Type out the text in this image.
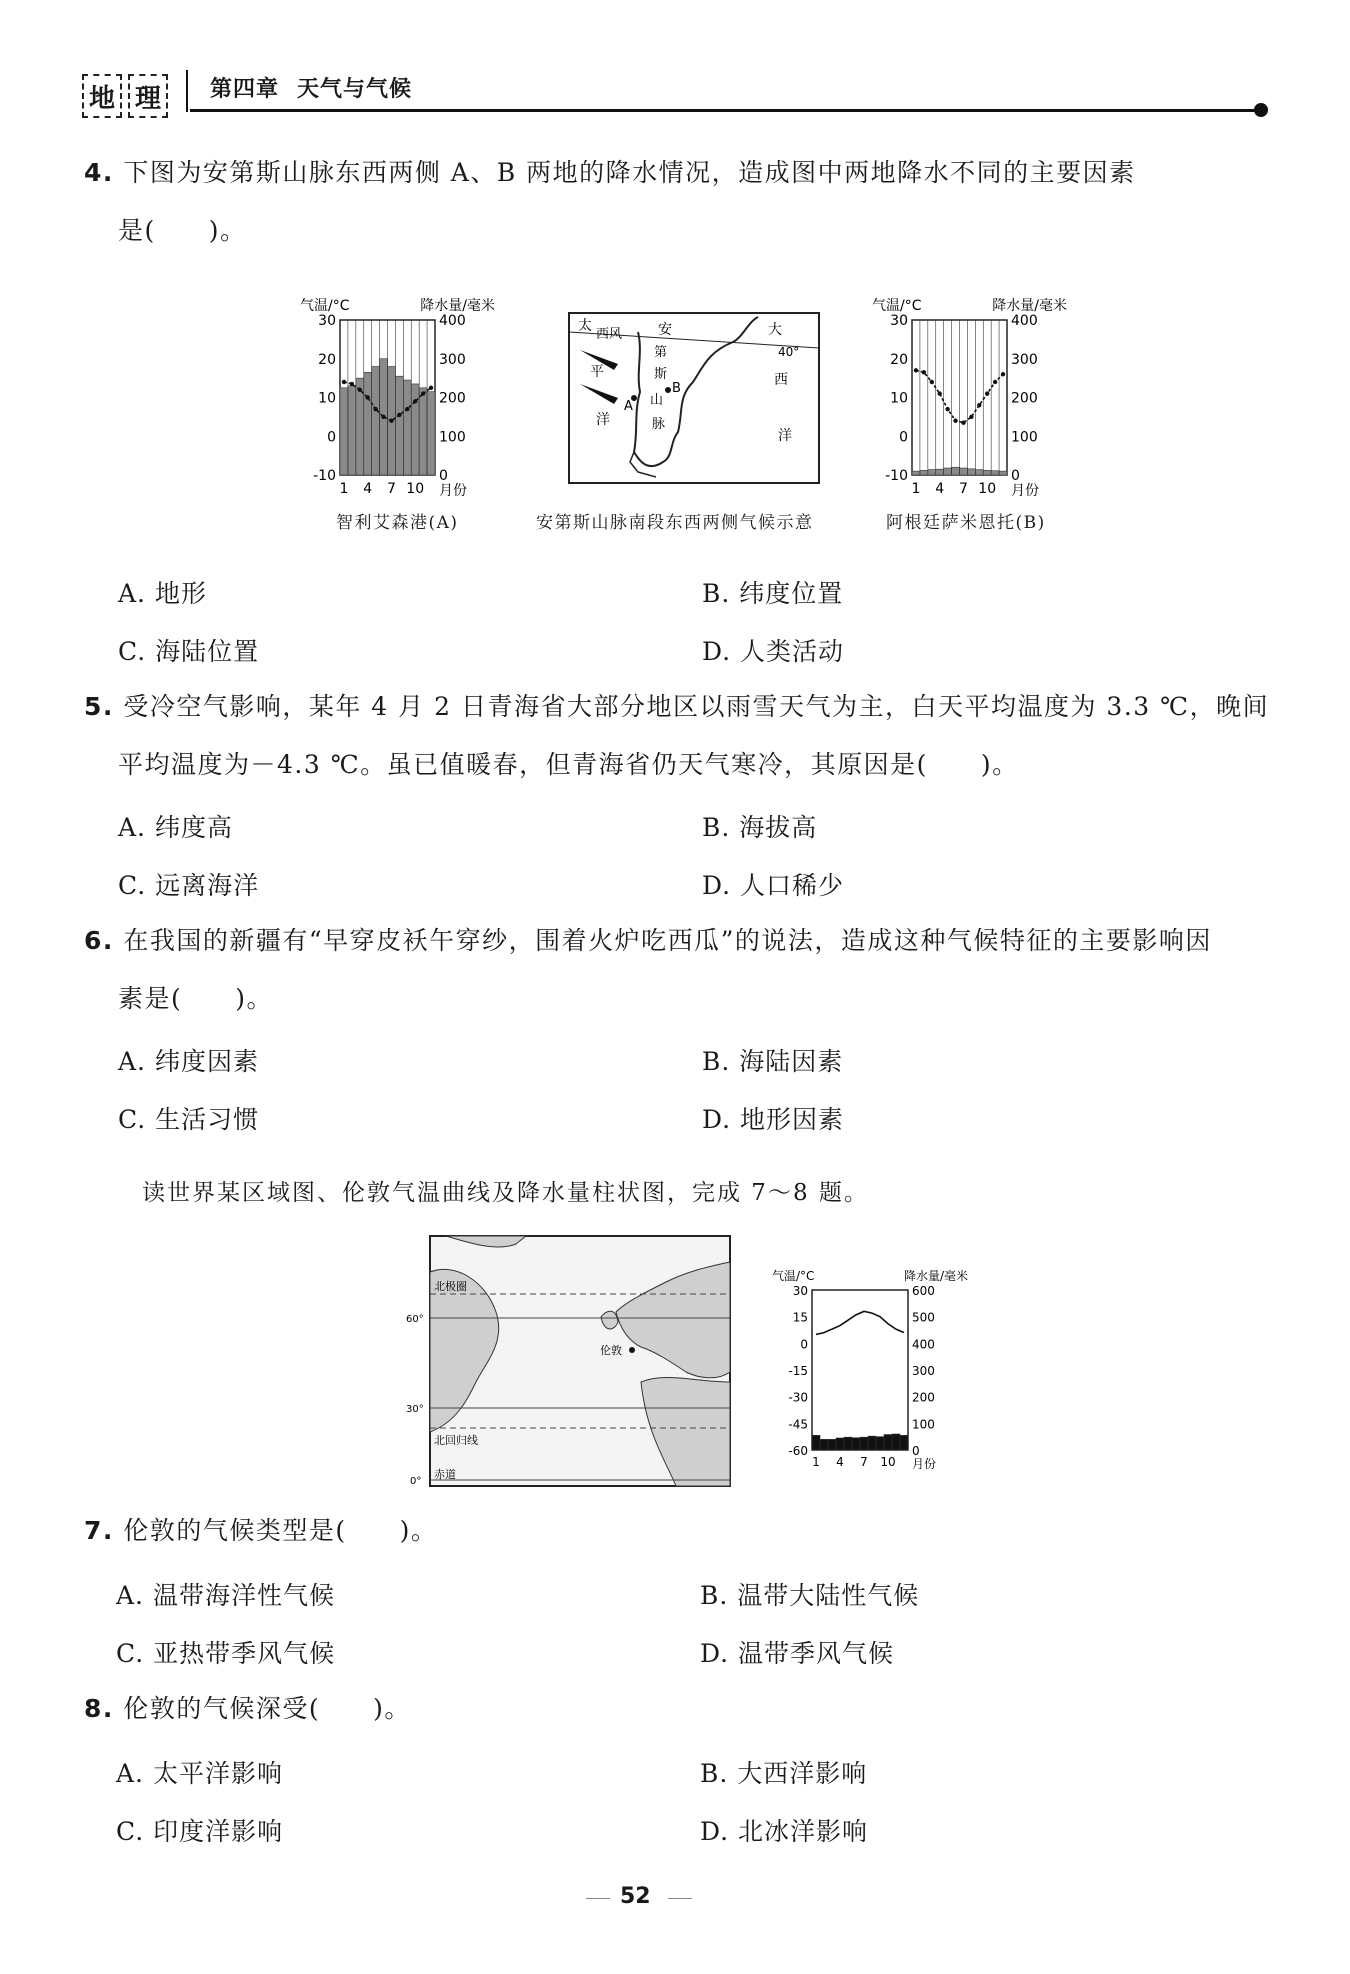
地 理	第四章 天气与气候
4. 下图为安第斯山脉东西两侧 A、B 两地的降水情况，造成图中两地降水不同的主要因素
是(　　)。
30
20
10
0
-10
400
300
200
100
0
1 4 7 10 月份
气温/°C	降水量/毫米
智利艾森港(A)
太
平
洋
大
西
洋
西风	安
第
斯
山
脉
40°
A
B
安第斯山脉南段东西两侧气候示意
30
20
10
0
-10
400
300
200
100
0
1 4 7 10 月份
气温/°C	降水量/毫米
阿根廷萨米恩托(B)
A. 地形	B. 纬度位置
C. 海陆位置	D. 人类活动
5. 受冷空气影响，某年 4 月 2 日青海省大部分地区以雨雪天气为主，白天平均温度为 3.3 ℃，晚间
平均温度为－4.3 ℃。虽已值暖春，但青海省仍天气寒冷，其原因是(　　)。
A. 纬度高	B. 海拔高
C. 远离海洋	D. 人口稀少
6. 在我国的新疆有“早穿皮袄午穿纱，围着火炉吃西瓜”的说法，造成这种气候特征的主要影响因
素是(　　)。
A. 纬度因素	B. 海陆因素
C. 生活习惯	D. 地形因素
读世界某区域图、伦敦气温曲线及降水量柱状图，完成 7～8 题。
北极圈
北回归线
赤道
伦敦
60°
30°
0°
30
15
0
-15
-30
-45
-60
600
500
400
300
200
100
0
1 4 7 10 月份
气温/°C	降水量/毫米
7. 伦敦的气候类型是(　　)。
A. 温带海洋性气候	B. 温带大陆性气候
C. 亚热带季风气候	D. 温带季风气候
8. 伦敦的气候深受(　　)。
A. 太平洋影响	B. 大西洋影响
C. 印度洋影响	D. 北冰洋影响
52
